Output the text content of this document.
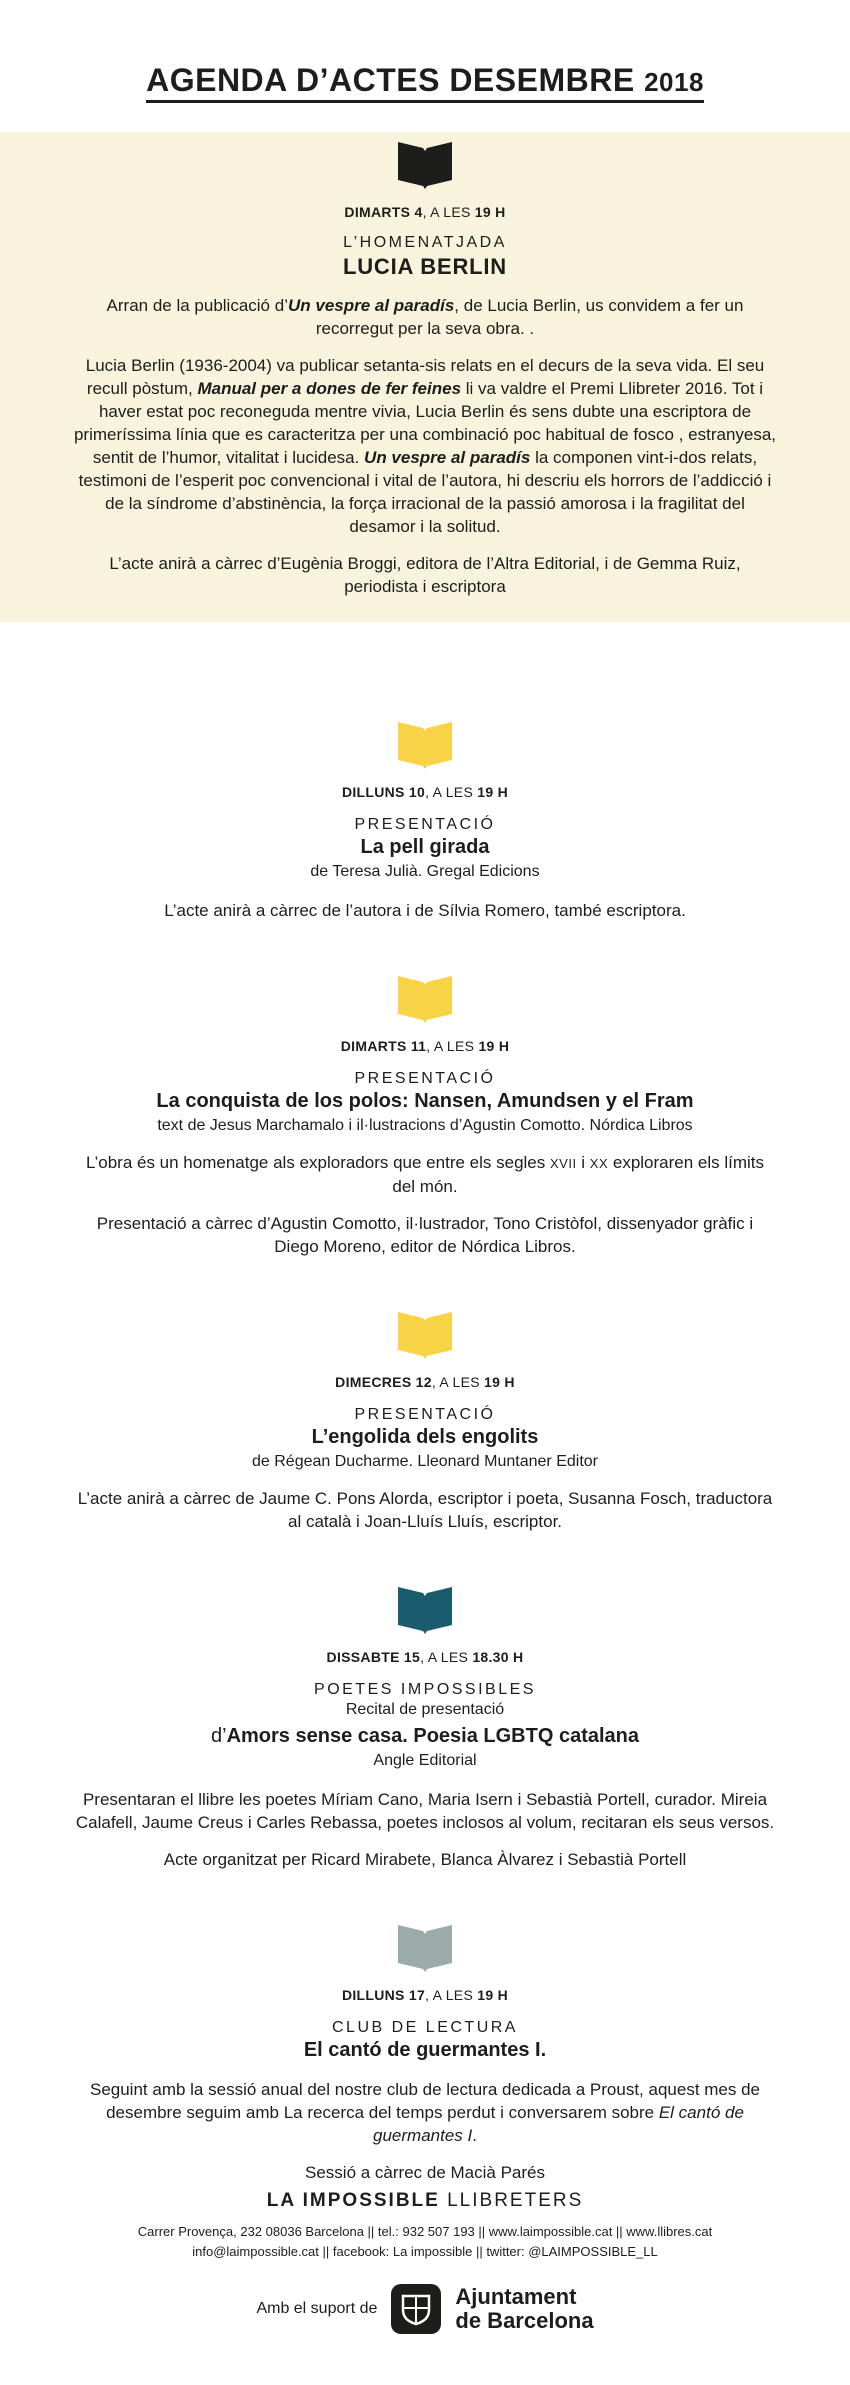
AGENDA D’ACTES DESEMBRE 2018
DIMARTS 4, A LES 19 H
L’HOMENATJADA
LUCIA BERLIN
Arran de la publicació d’Un vespre al paradís, de Lucia Berlin, us convidem a fer un recorregut per la seva obra. .
Lucia Berlin (1936-2004) va publicar setanta-sis relats en el decurs de la seva vida. El seu recull pòstum, Manual per a dones de fer feines li va valdre el Premi Llibreter 2016. Tot i haver estat poc reconeguda mentre vivia, Lucia Berlin és sens dubte una escriptora de primeríssima línia que es caracteritza per una combinació poc habitual de fosco , estranyesa, sentit de l’humor, vitalitat i lucidesa. Un vespre al paradís la componen vint-i-dos relats, testimoni de l’esperit poc convencional i vital de l’autora, hi descriu els horrors de l’addicció i de la síndrome d’abstinència, la força irracional de la passió amorosa i la fragilitat del desamor i la solitud.
L’acte anirà a càrrec d’Eugènia Broggi, editora de l’Altra Editorial, i de Gemma Ruiz, periodista i escriptora
DILLUNS 10, A LES 19 H
PRESENTACIÓ
La pell girada
de Teresa Julià. Gregal Edicions
L’acte anirà a càrrec de l’autora i de Sílvia Romero, també escriptora.
DIMARTS 11, A LES 19 H
PRESENTACIÓ
La conquista de los polos: Nansen, Amundsen y el Fram
text de Jesus Marchamalo i il·lustracions d’Agustin Comotto. Nórdica Libros
L’obra és un homenatge als exploradors que entre els segles XVII i XX exploraren els límits del món.
Presentació a càrrec d’Agustin Comotto, il·lustrador, Tono Cristòfol, dissenyador gràfic i Diego Moreno, editor de Nórdica Libros.
DIMECRES 12, A LES 19 H
PRESENTACIÓ
L’engolida dels engolits
de Régean Ducharme. Lleonard Muntaner Editor
L’acte anirà a càrrec de Jaume C. Pons Alorda, escriptor i poeta, Susanna Fosch, traductora al català i Joan-Lluís Lluís, escriptor.
DISSABTE 15, A LES 18.30 H
POETES IMPOSSIBLES
Recital de presentació
d’Amors sense casa. Poesia LGBTQ catalana
Angle Editorial
Presentaran el llibre les poetes Míriam Cano, Maria Isern i Sebastià Portell, curador. Mireia Calafell, Jaume Creus i Carles Rebassa, poetes inclosos al volum, recitaran els seus versos.
Acte organitzat per Ricard Mirabete, Blanca Àlvarez i Sebastià Portell
DILLUNS 17, A LES 19 H
CLUB DE LECTURA
El cantó de guermantes I.
Seguint amb la sessió anual del nostre club de lectura dedicada a Proust, aquest mes de desembre seguim amb La recerca del temps perdut i conversarem sobre El cantó de guermantes I.
Sessió a càrrec de Macià Parés
LA IMPOSSIBLE LLIBRETERS
Carrer Provença, 232 08036 Barcelona || tel.: 932 507 193 || www.laimpossible.cat || www.llibres.cat
info@laimpossible.cat || facebook: La impossible || twitter: @LAIMPOSSIBLE_LL
Amb el suport de	Ajuntament
de Barcelona
